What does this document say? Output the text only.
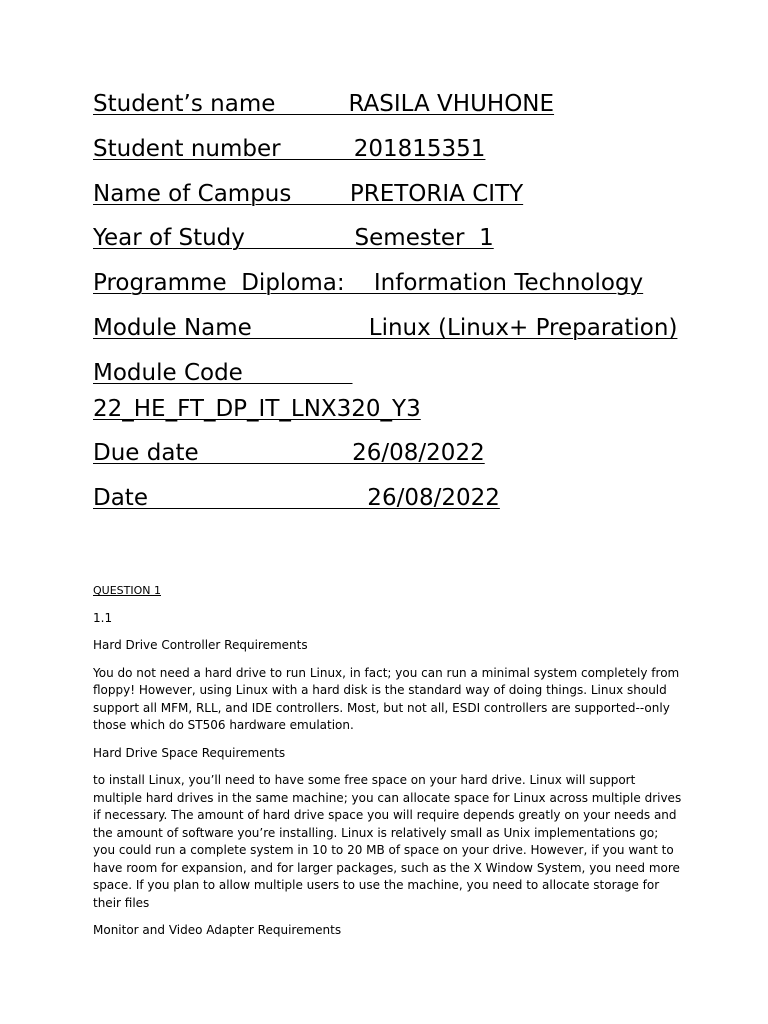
Student’s name          RASILA VHUHONE

Student number          201815351

Name of Campus        PRETORIA CITY

Year of Study               Semester  1

Programme  Diploma:    Information Technology

Module Name                Linux (Linux+ Preparation)

Module Code

22_HE_FT_DP_IT_LNX320_Y3

Due date                     26/08/2022

Date                              26/08/2022

QUESTION 1

1.1

Hard Drive Controller Requirements

You do not need a hard drive to run Linux, in fact; you can run a minimal system completely from floppy! However, using Linux with a hard disk is the standard way of doing things. Linux should support all MFM, RLL, and IDE controllers. Most, but not all, ESDI controllers are supported--only those which do ST506 hardware emulation.

Hard Drive Space Requirements

to install Linux, you’ll need to have some free space on your hard drive. Linux will support multiple hard drives in the same machine; you can allocate space for Linux across multiple drives if necessary. The amount of hard drive space you will require depends greatly on your needs and the amount of software you’re installing. Linux is relatively small as Unix implementations go; you could run a complete system in 10 to 20 MB of space on your drive. However, if you want to have room for expansion, and for larger packages, such as the X Window System, you need more space. If you plan to allow multiple users to use the machine, you need to allocate storage for their files

Monitor and Video Adapter Requirements
